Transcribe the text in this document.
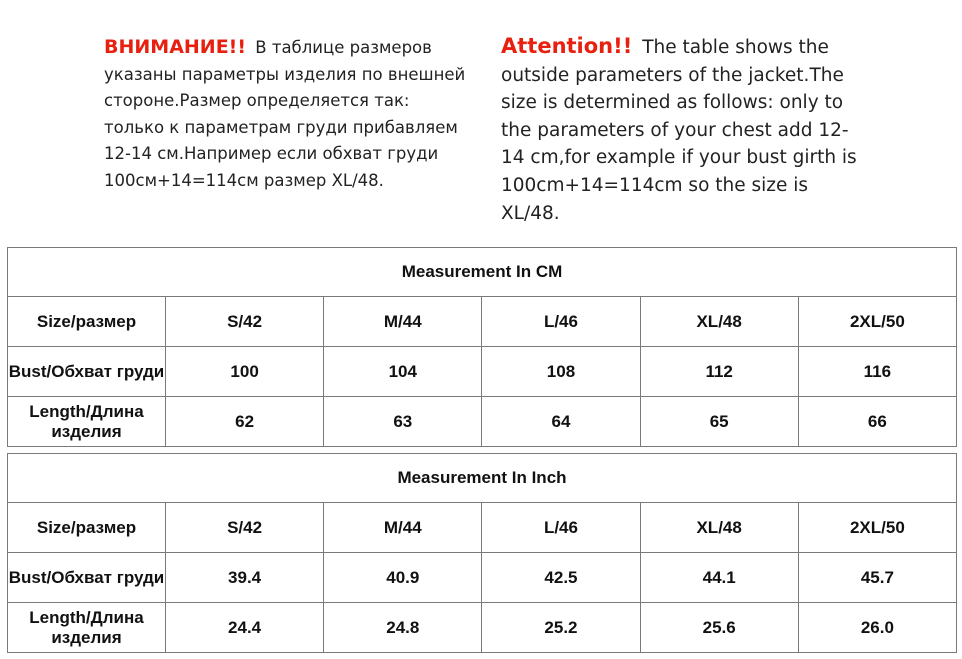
ВНИМАНИЕ!! В таблице размеров указаны параметры изделия по внешней стороне.Размер определяется так: только к параметрам груди прибавляем 12-14 см.Например если обхват груди 100см+14=114см размер XL/48.
Attention!! The table shows the outside parameters of the jacket.The size is determined as follows: only to the parameters of your chest add 12-14 cm,for example if your bust girth is 100cm+14=114cm so the size is XL/48.
Measurement In CM					
Size/размер	S/42	M/44	L/46	XL/48	2XL/50
Bust/Обхват груди	100	104	108	112	116
Length/Длина изделия	62	63	64	65	66
Measurement In Inch					
Size/размер	S/42	M/44	L/46	XL/48	2XL/50
Bust/Обхват груди	39.4	40.9	42.5	44.1	45.7
Length/Длина изделия	24.4	24.8	25.2	25.6	26.0
